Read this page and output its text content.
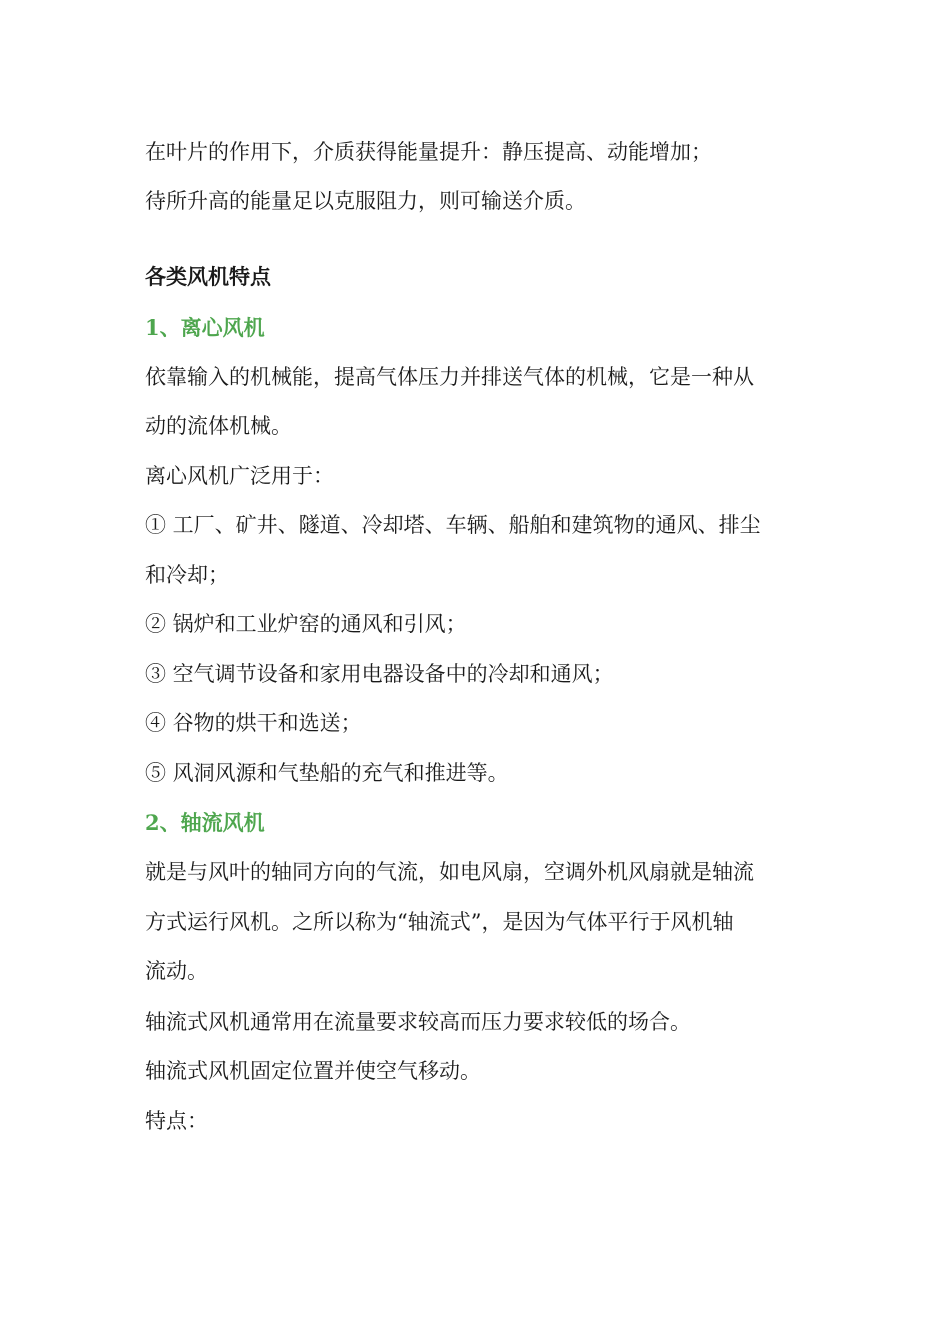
在叶片的作用下，介质获得能量提升：静压提高、动能增加；
待所升高的能量足以克服阻力，则可输送介质。
各类风机特点
1、离心风机
依靠输入的机械能，提高气体压力并排送气体的机械，它是一种从
动的流体机械。
离心风机广泛用于：
① 工厂、矿井、隧道、冷却塔、车辆、船舶和建筑物的通风、排尘
和冷却；
② 锅炉和工业炉窑的通风和引风；
③ 空气调节设备和家用电器设备中的冷却和通风；
④ 谷物的烘干和选送；
⑤ 风洞风源和气垫船的充气和推进等。
2、轴流风机
就是与风叶的轴同方向的气流，如电风扇，空调外机风扇就是轴流
方式运行风机。之所以称为“轴流式”，是因为气体平行于风机轴
流动。
轴流式风机通常用在流量要求较高而压力要求较低的场合。
轴流式风机固定位置并使空气移动。
特点：
